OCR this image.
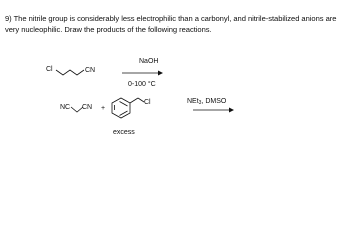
9) The nitrile group is considerably less electrophilic than a carbonyl, and nitrile-stabilized anions are very nucleophilic. Draw the products of the following reactions.
Cl	CN
NaOH
0-100 °C
NC CN +
Cl
excess
NEt$_3$, DMSO
